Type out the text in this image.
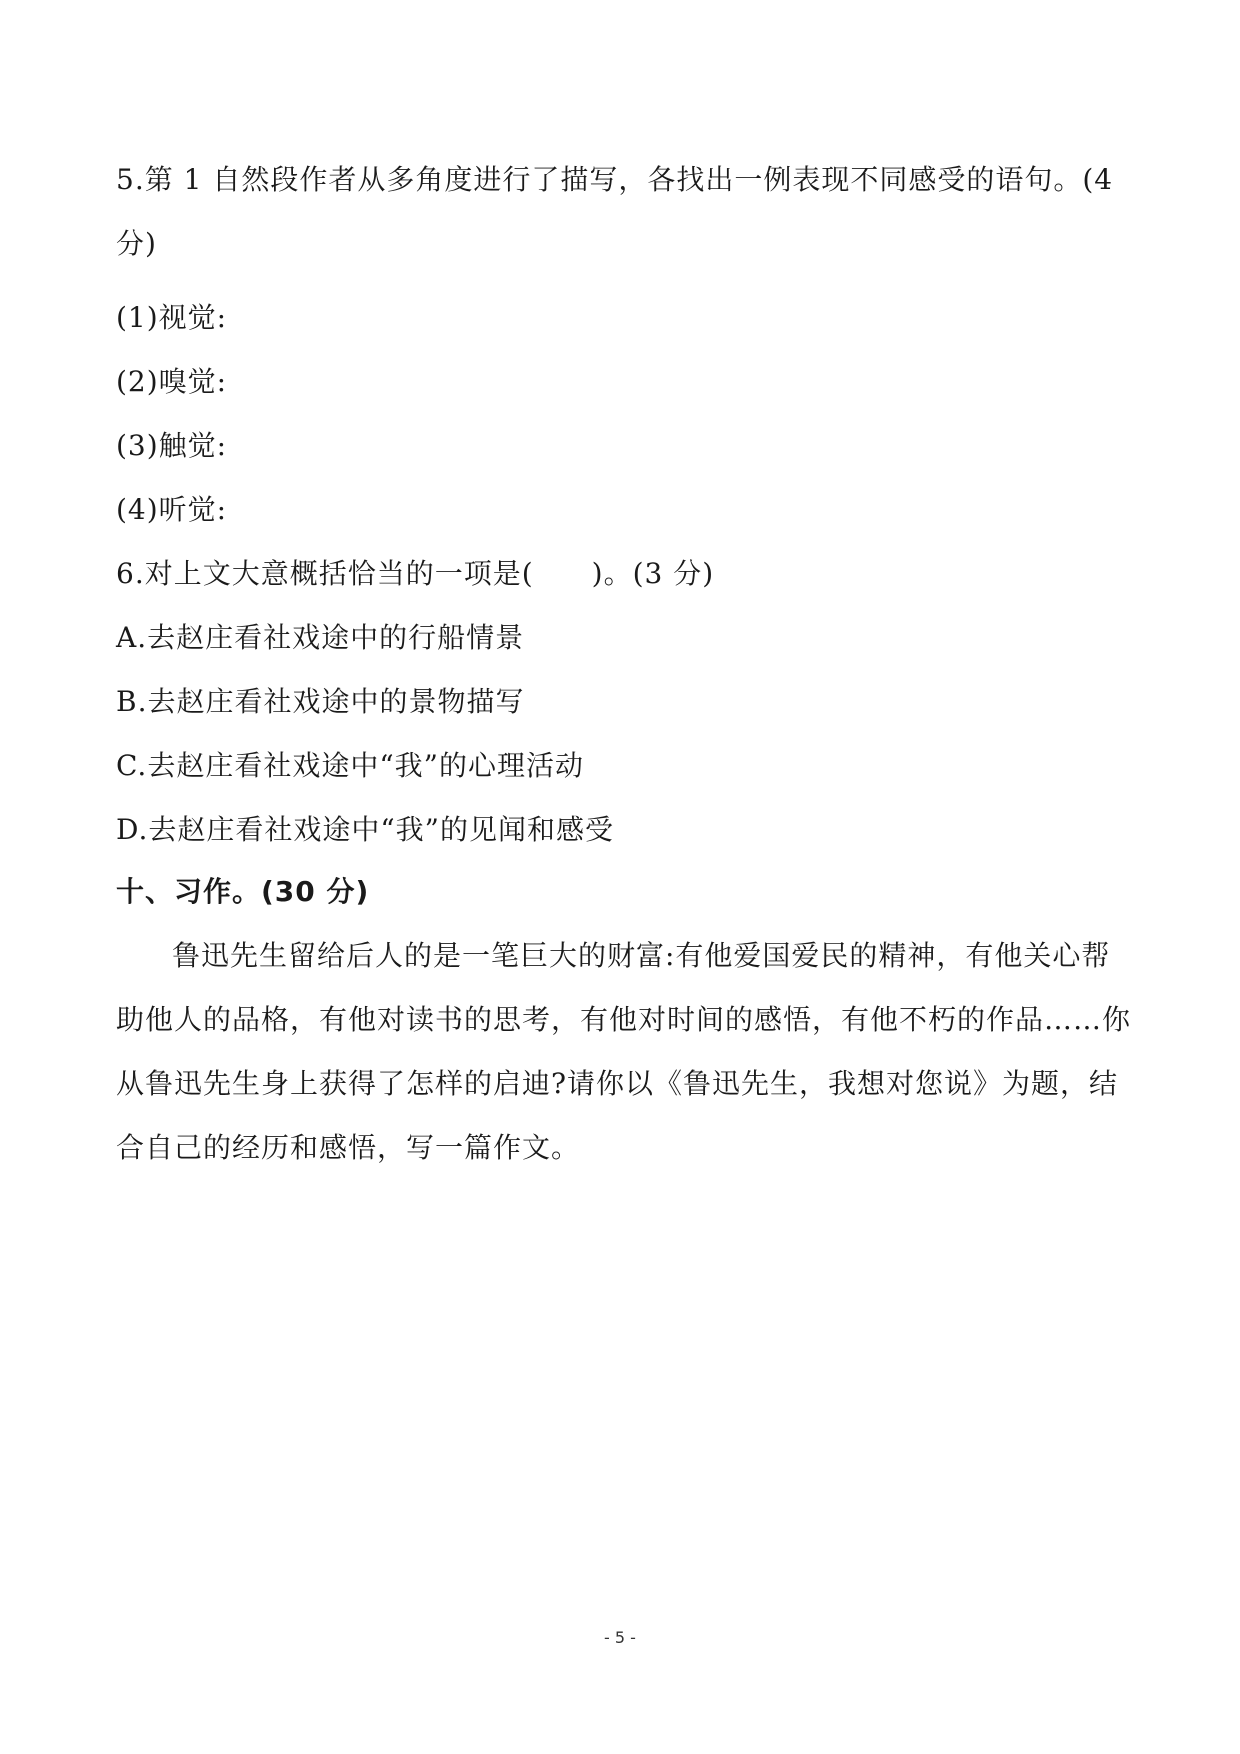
5.第 1 自然段作者从多角度进行了描写，各找出一例表现不同感受的语句。(4 分)
(1)视觉:
(2)嗅觉:
(3)触觉:
(4)听觉:
6.对上文大意概括恰当的一项是(　　)。(3 分)
A.去赵庄看社戏途中的行船情景
B.去赵庄看社戏途中的景物描写
C.去赵庄看社戏途中“我”的心理活动
D.去赵庄看社戏途中“我”的见闻和感受
十、习作。(30 分)
鲁迅先生留给后人的是一笔巨大的财富:有他爱国爱民的精神，有他关心帮助他人的品格，有他对读书的思考，有他对时间的感悟，有他不朽的作品……你从鲁迅先生身上获得了怎样的启迪?请你以《鲁迅先生，我想对您说》为题，结合自己的经历和感悟，写一篇作文。
- 5 -
